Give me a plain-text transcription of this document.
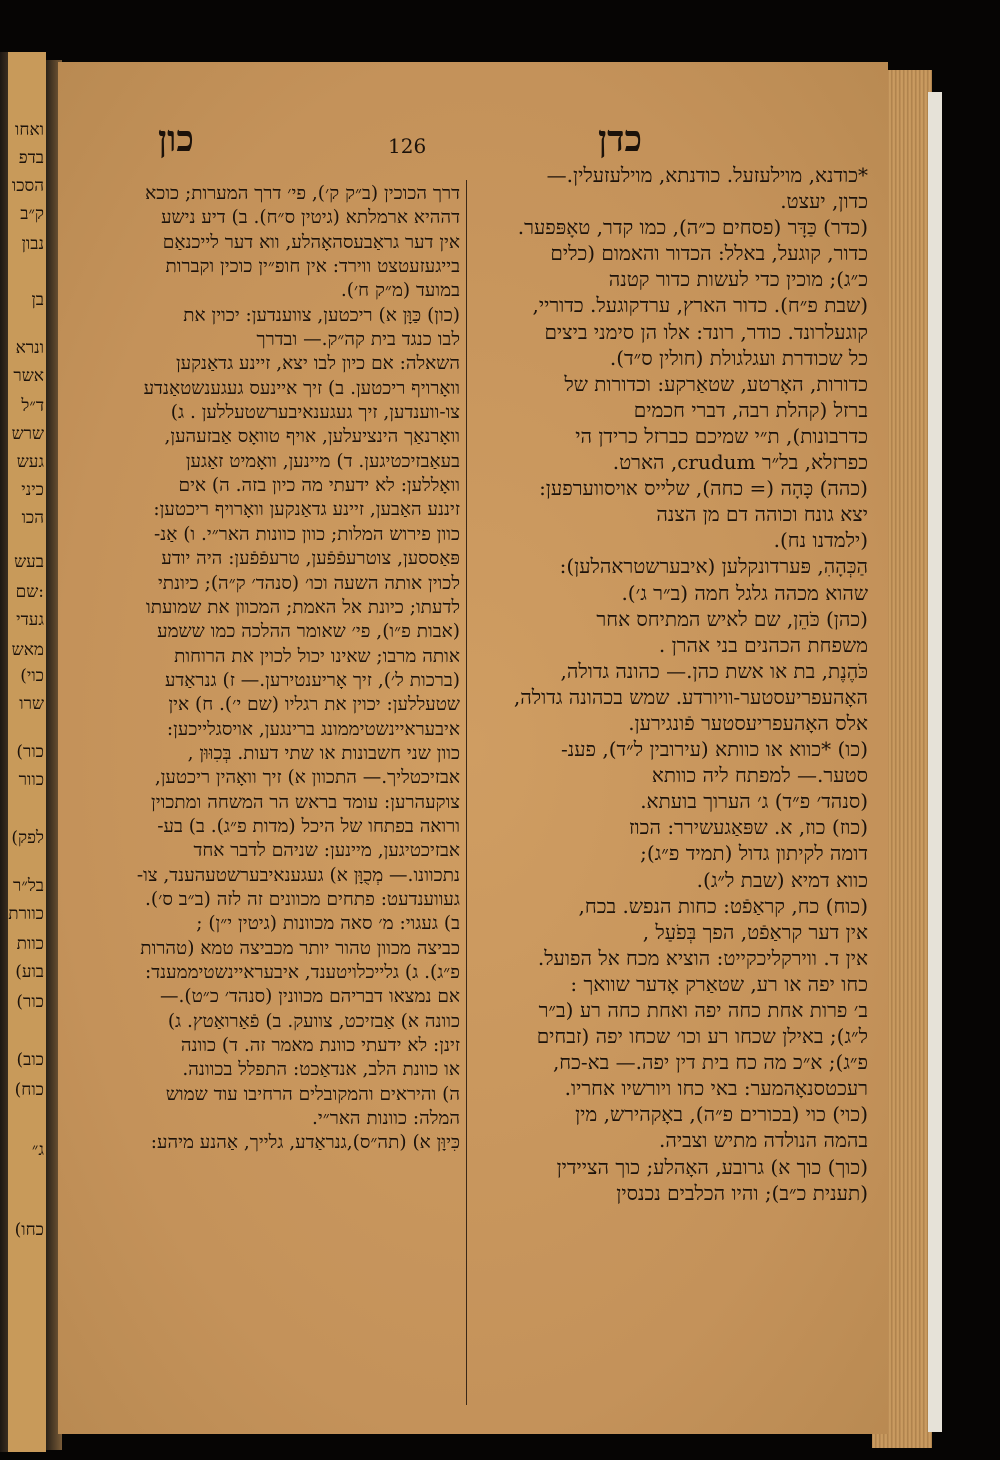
ואחו
בדפ
הסכו
ק״ב
נבון
בן
ונרא
אשר
ד״ל
שרש
געש
כיני
הכו
בעש
שם:
געדי
מאש
(כוי
שרו
(כור
כוור
(לפק
בל״ר
כוורת
כוות
(בוע
(כור
(כוב
(כוח
ג״
(כחו
כדן
כון	126
*כודנא, מוילעזעל. כודנתא, מוילעזעלין.—
כדון, יעצט.
(כדר) כַּדָּר (פסחים כ״ה), כמו קדר, טאָפּפער.
כדור, קוגעל, באלל: הכדור והאמום (כלים
כ״ג); מוכין כדי לעשות כדור קטנה
(שבת פ״ח). כדור הארץ, ערדקוגעל. כדוריי,
קוגעלרונד. כודר, רונד: אלו הן סימני ביצים
כל שכודרת ועגלגולת (חולין ס״ד).
כדורות, האָרטע, שטאַרקע: וכדורות של
ברזל (קהלת רבה, דברי חכמים
כדרבונות), ת״י שמיכם כברזל כרידן הי
כפרזלא, בל״ר crudum, הארט.
(כהה) כָּהָה (= כחה), שלייס אויסווערפען:
יצא גונח וכוהה דם מן הצנה
(ילמדנו נח).
הַכְּהָהִ, פּערדונקלען (איבערשטראהלען):
שהוא מכהה גלגל חמה (ב״ר ג׳).
(כהן) כֹּהֵן, שם לאיש המתיחס אחר
משפחת הכהנים בני אהרן .
כֹּהֶנֶת, בת או אשת כהן.— כהונה גדולה,
האָהעפריעסטער-וויורדע. שמש בכהונה גדולה,
אלס האָהעפריעסטער פֿונגירען.
(כו) *כווא או כוותא (עירובין ל״ד), פענ-
סטער.— למפתח ליה כוותא
(סנהד׳ פ״ד) ג׳ הערוך בועתא.
(כוז) כוז, א. שפּאַגעשירר: הכוז
דומה לקיתון גדול (תמיד פ״ג);
כווא דמיא (שבת ל״ג).
(כוח) כח, קראַפֿט: כחות הנפש. בכח,
אין דער קראַפֿט, הפך בְּפֹעַל ,
אין ד. ווירקליכקייט: הוציא מכח אל הפועל.
כחו יפה או רע, שטאַרק אָדער שוואך :
ב׳ פרות אחת כחה יפה ואחת כחה רע (ב״ר
ל״ג); באילן שכחו רע וכו׳ שכחו יפה (זבחים
פ״ג); א״כ מה כח בית דין יפה.— בא-כח,
רעכטסנאָהמער: באי כחו ויורשיו אחריו.
(כוי) כוי (בכורים פ״ה), באָקהירש, מין
בהמה הנולדה מתיש וצביה.
(כוך) כוך א) גרובע, האָהלע; כוך הציידין
(תענית כ״ב); והיו הכלבים נכנסין
דרך הכוכין (ב״ק ק׳), פי׳ דרך המערות; כוכא
דההיא ארמלתא (גיטין ס״ח). ב) דיע נישע
אין דער גראַבעסהאָהלע, ווא דער לייכנאַם
בייגעזעטצט ווירד: אין חופ״ין כוכין וקברות
במועד (מ״ק ח׳).
(כון) כַּוָּן א) ריכטען, צווענדען: יכוין את
לבו כנגד בית קה״ק.— ובדרך
השאלה: אם כיון לבו יצא, זיינע גדאַנקען
וואָרויף ריכטען. ב) זיך איינעס געגענשטאַנדע
צו-ווענדען, זיך געגענאיבערשטעללען . ג)
וואָרנאַך הינציעלען, אויף טוואָס אַבזעהען,
בעאַבזיכטיגען. ד) מיינען, וואָמיט זאַגען
וואָללען: לא ידעתי מה כיון בזה. ה) אים
זיננע האַבען, זיינע גדאַנקען וואָרויף ריכטען:
כוון פירוש המלות; כוון כוונות האר״י. ו) אַנ-
פּאַססען, צוטרעפֿפֿען, טרעפֿפֿען: היה יודע
לכוין אותה השעה וכו׳ (סנהד׳ ק״ה); כיונתי
לדעתו; כיונת אל האמת; המכוון את שמועתו
(אבות פ״ו), פי׳ שאומר ההלכה כמו ששמע
אותה מרבו; שאינו יכול לכוין את הרוחות
(ברכות ל׳), זיך אָריענטירען.— ז) גנראַדע
שטעללען: יכוין את רגליו (שם י׳). ח) אין
איבעראיינשטיממונג ברינגען, אויסגלייכען:
כוון שני חשבונות או שתי דעות. בְּכִוּוּן ,
אבזיכטליך.— התכוון א) זיך וואָהין ריכטען,
צוקעהרען: עומד בראש הר המשחה ומתכוין
ורואה בפתחו של היכל (מדות פ״ג). ב) בע-
אבזיכטיגען, מיינען: שניהם לדבר אחד
נתכוונו.— מְכֻוָּן א) געגענאיבערשטעהענד, צו-
געווענדעט: פתחים מכוונים זה לזה (ב״ב ס׳).
ב) געגוי: מ׳ סאה מכוונות (גיטין י״ן) ;
כביצה מכוון טהור יותר מכביצה טמא (טהרות
פ״ג). ג) גלייכלויטענד, איבעראיינשטיממענד:
אם נמצאו דבריהם מכוונין (סנהד׳ כ״ט).—
כוונה א) אַבזיכט, צוועק. ב) פֿאַרואַטץ. ג)
זינן: לא ידעתי כוונת מאמר זה. ד) כוונה
או כוונת הלב, אנדאַכט: התפלל בכוונה.
ה) והיראים והמקובלים הרחיבו עוד שמוש
המלה: כוונות האר״י.
כִּיוָּן א) (תה״ס),גנראַדע, גלייך, אַהנע מיהע:
